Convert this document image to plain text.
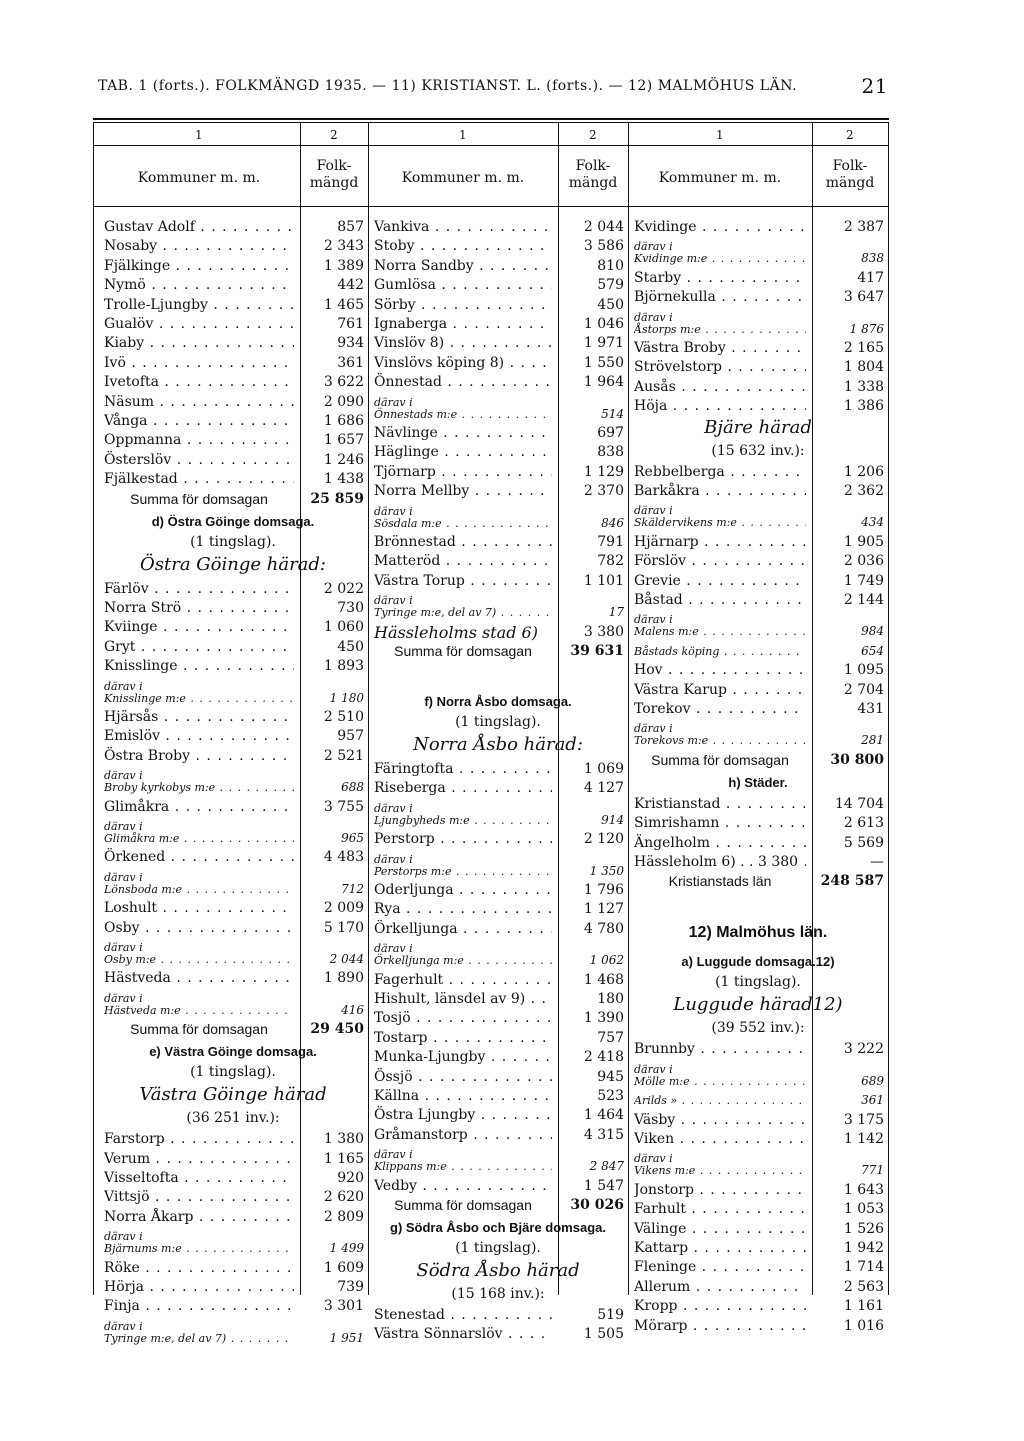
TAB. 1 (forts.). FOLKMÄNGD 1935. — 11) KRISTIANST. L. (forts.). — 12) MALMÖHUS LÄN.	21
1	2
Kommuner m. m.
Folk-
mängd
Gustav Adolf . . .	857
Nosaby . . .	2 343
Fjälkinge . . .	1 389
Nymö . . .	442
Trolle-Ljungby . . .	1 465
Gualöv . . .	761
Kiaby . . .	934
Ivö . . .	361
Ivetofta . . .	3 622
Näsum . . .	2 090
Vånga . . .	1 686
Oppmanna . . .	1 657
Österslöv . . .	1 246
Fjälkestad . . .	1 438
Summa för domsagan	25 859
d) Östra Göinge domsaga.
(1 tingslag).
Östra Göinge härad:
Färlöv . . .	2 022
Norra Strö . . .	730
Kviinge . . .	1 060
Gryt . . .	450
Knisslinge . . .	1 893
därav i
Knisslinge m:e . . .	1 180
Hjärsås . . .	2 510
Emislöv . . .	957
Östra Broby . . .	2 521
därav i
Broby kyrkobys m:e . . .	688
Glimåkra . . .	3 755
därav i
Glimåkra m:e . . .	965
Örkened . . .	4 483
därav i
Lönsboda m:e . . .	712
Loshult . . .	2 009
Osby . . .	5 170
därav i
Osby m:e . . .	2 044
Hästveda . . .	1 890
därav i
Hästveda m:e . . .	416
Summa för domsagan	29 450
e) Västra Göinge domsaga.
(1 tingslag).
Västra Göinge härad
(36 251 inv.):
Farstorp . . .	1 380
Verum . . .	1 165
Visseltofta . . .	920
Vittsjö . . .	2 620
Norra Åkarp . . .	2 809
därav i
Bjärnums m:e . . .	1 499
Röke . . .	1 609
Hörja . . .	739
Finja . . .	3 301
därav i
Tyringe m:e, del av 7) . . .	1 951
1	2
Kommuner m. m.
Folk-
mängd
Vankiva . . .	2 044
Stoby . . .	3 586
Norra Sandby . . .	810
Gumlösa . . .	579
Sörby . . .	450
Ignaberga . . .	1 046
Vinslöv 8) . . .	1 971
Vinslövs köping 8) . . .	1 550
Önnestad . . .	1 964
därav i
Önnestads m:e . . .	514
Nävlinge . . .	697
Häglinge . . .	838
Tjörnarp . . .	1 129
Norra Mellby . . .	2 370
därav i
Sösdala m:e . . .	846
Brönnestad . . .	791
Matteröd . . .	782
Västra Torup . . .	1 101
därav i
Tyringe m:e, del av 7) . . .	17
Hässleholms stad 6)	3 380
Summa för domsagan	39 631
f) Norra Åsbo domsaga.
(1 tingslag).
Norra Åsbo härad:
Färingtofta . . .	1 069
Riseberga . . .	4 127
därav i
Ljungbyheds m:e . . .	914
Perstorp . . .	2 120
därav i
Perstorps m:e . . .	1 350
Oderljunga . . .	1 796
Rya . . .	1 127
Örkelljunga . . .	4 780
därav i
Örkelljunga m:e . . .	1 062
Fagerhult . . .	1 468
Hishult, länsdel av 9) . . .	180
Tosjö . . .	1 390
Tostarp . . .	757
Munka-Ljungby . . .	2 418
Össjö . . .	945
Källna . . .	523
Östra Ljungby . . .	1 464
Gråmanstorp . . .	4 315
därav i
Klippans m:e . . .	2 847
Vedby . . .	1 547
Summa för domsagan	30 026
g) Södra Åsbo och Bjäre domsaga.
(1 tingslag).
Södra Åsbo härad
(15 168 inv.):
Stenestad . . .	519
Västra Sönnarslöv . . .	1 505
1	2
Kommuner m. m.
Folk-
mängd
Kvidinge . . .	2 387
därav i
Kvidinge m:e . . .	838
Starby . . .	417
Björnekulla . . .	3 647
därav i
Åstorps m:e . . .	1 876
Västra Broby . . .	2 165
Strövelstorp . . .	1 804
Ausås . . .	1 338
Höja . . .	1 386
Bjäre härad
(15 632 inv.):
Rebbelberga . . .	1 206
Barkåkra . . .	2 362
därav i
Skäldervikens m:e . . .	434
Hjärnarp . . .	1 905
Förslöv . . .	2 036
Grevie . . .	1 749
Båstad . . .	2 144
därav i
Malens m:e . . .	984
Båstads köping . . .	654
Hov . . .	1 095
Västra Karup . . .	2 704
Torekov . . .	431
därav i
Torekovs m:e . . .	281
Summa för domsagan	30 800
h) Städer.
Kristianstad . . .	14 704
Simrishamn . . .	2 613
Ängelholm . . .	5 569
Hässleholm 6) . . 3 380 . . .	—
Kristianstads län	248 587
12) Malmöhus län.
a) Luggude domsaga.12)
(1 tingslag).
Luggude härad12)
(39 552 inv.):
Brunnby . . .	3 222
därav i
Mölle m:e . . .	689
Arilds » . . .	361
Väsby . . .	3 175
Viken . . .	1 142
därav i
Vikens m:e . . .	771
Jonstorp . . .	1 643
Farhult . . .	1 053
Välinge . . .	1 526
Kattarp . . .	1 942
Fleninge . . .	1 714
Allerum . . .	2 563
Kropp . . .	1 161
Mörarp . . .	1 016
